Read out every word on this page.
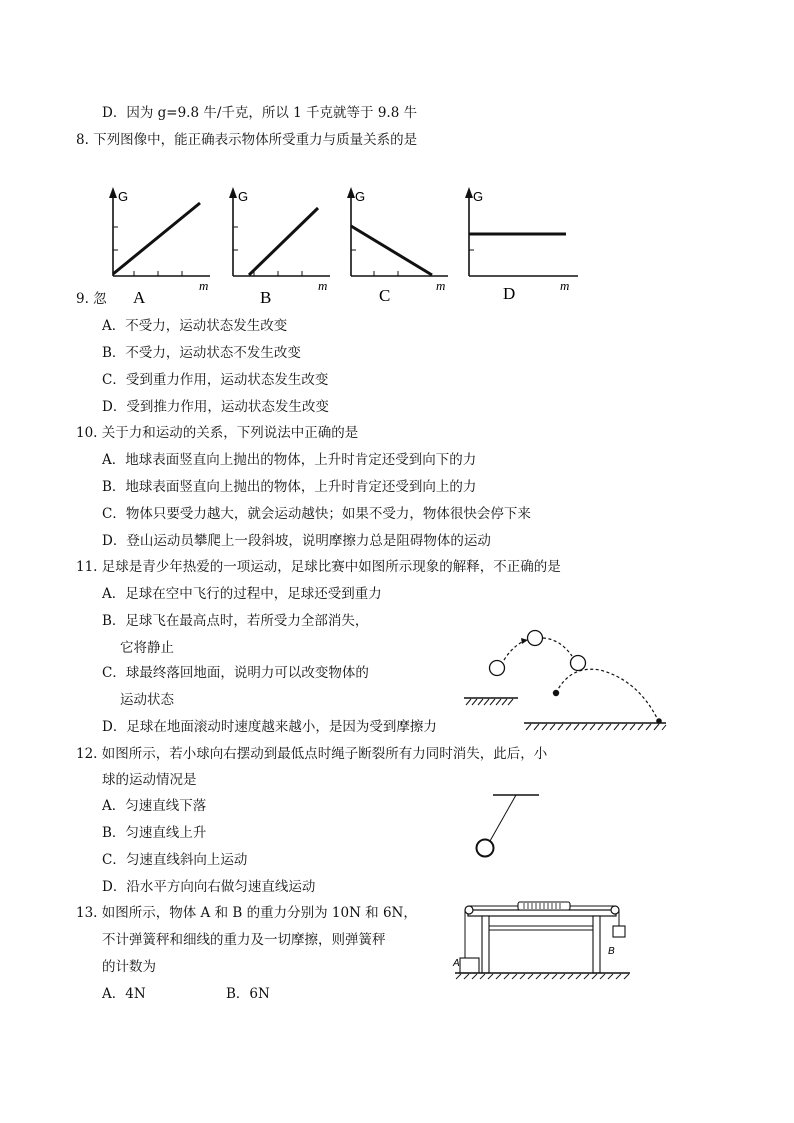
D．因为 g=9.8 牛/千克，所以 1 千克就等于 9.8 牛
8. 下列图像中，能正确表示物体所受重力与质量关系的是
G
m
A
G
m
B
G
m
C
G
m
D
9. 忽
A．不受力，运动状态发生改变
B．不受力，运动状态不发生改变
C．受到重力作用，运动状态发生改变
D．受到推力作用，运动状态发生改变
10. 关于力和运动的关系，下列说法中正确的是
A．地球表面竖直向上抛出的物体，上升时肯定还受到向下的力
B．地球表面竖直向上抛出的物体，上升时肯定还受到向上的力
C．物体只要受力越大，就会运动越快；如果不受力，物体很快会停下来
D．登山运动员攀爬上一段斜坡，说明摩擦力总是阻碍物体的运动
11. 足球是青少年热爱的一项运动，足球比赛中如图所示现象的解释，不正确的是
A．足球在空中飞行的过程中，足球还受到重力
B．足球飞在最高点时，若所受力全部消失，
它将静止
C．球最终落回地面，说明力可以改变物体的
运动状态
D．足球在地面滚动时速度越来越小，是因为受到摩擦力
12. 如图所示，若小球向右摆动到最低点时绳子断裂所有力同时消失，此后，小
球的运动情况是
A．匀速直线下落
B．匀速直线上升
C．匀速直线斜向上运动
D．沿水平方向向右做匀速直线运动
13. 如图所示，物体 A 和 B 的重力分别为 10N 和 6N，
不计弹簧秤和细线的重力及一切摩擦，则弹簧秤
的计数为
A．4N	B．6N
B
A
